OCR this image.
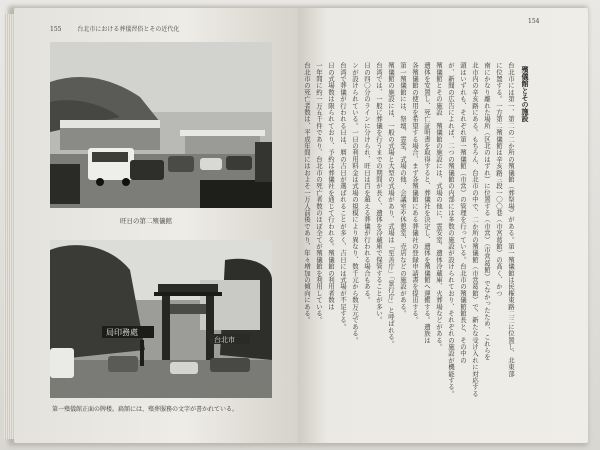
155	台北市における葬儀習俗とその近代化
旺日の第二殯儀館
局印務處
台北市
第一殯儀館正面の牌楼。扁額には、殯葬服務の文字が書かれている。
154
殯儀館とその施設
台北市には第一、第二の二か所の殯儀館（葬祭場）がある。第一殯儀館は民権東路二三に位置し、北東部
に位置する。一方第二殯儀館は辛亥路三段一〇〇巷（市宮葛館）の高く、かつ
南にかなり離れた場所（区北のはずれ）に位置する（市営）（市営葛館）でなかったため、これらを
北市内の辛亥路にある。もちろん、台北市の中で、二か所の殯儀館（市営葛館）で、新たな受け入れに対応する
頭はいずれも、それぞれ第一殯儀館（市営）の管理を行っている。台北市の殯儀館館長と、その中の
が、新聞の広告によれば、二つの殯儀館の内部には多数の施設が設けられており、それぞれの施設が機能する。
殯儀館とその施設　殯儀館の施設には、式場の他に、霊安室、遺体冷蔵庫、火葬場などがある。
遺体を安置し、死亡証明書を取得すると、葬儀社を決定し、遺体を殯儀館へ運搬する。遺族は
各殯儀館の使用を希望する場合、まず各殯儀館にある葬儀社の登録申請書を提出する。
第一殯儀館には、祭壇、霊堂、式場の他、会議室や休憩室、売店などの施設がある。
殯儀館の施設には、一般の式場と大型の式場があり、式場は「至善庁」「景行庁」と呼ばれる。
台湾では、一般に葬儀を行うまでの期間が長く、遺体を冷蔵庫で保管することが多い。
日の四〇分のラインに分けられ、旺日は百を超える葬儀が行われる場合もある。
ンが設けられている。一日の利用料金は式場の規模により異なり、数千元から数万元である。
台湾で葬儀が行われる日は、暦の吉日が選ばれることが多く、吉日には式場が不足する。
日の式場数は限られており、予約は葬儀社を通じて行われる。殯儀館の利用者数は
一年間に約一万五千件であり、台北市の死亡者数のほぼ全てが殯儀館を利用している。
台北市の死亡者数は、平成年間にはおよそ一万人前後であり、年々増加の傾向にある。
